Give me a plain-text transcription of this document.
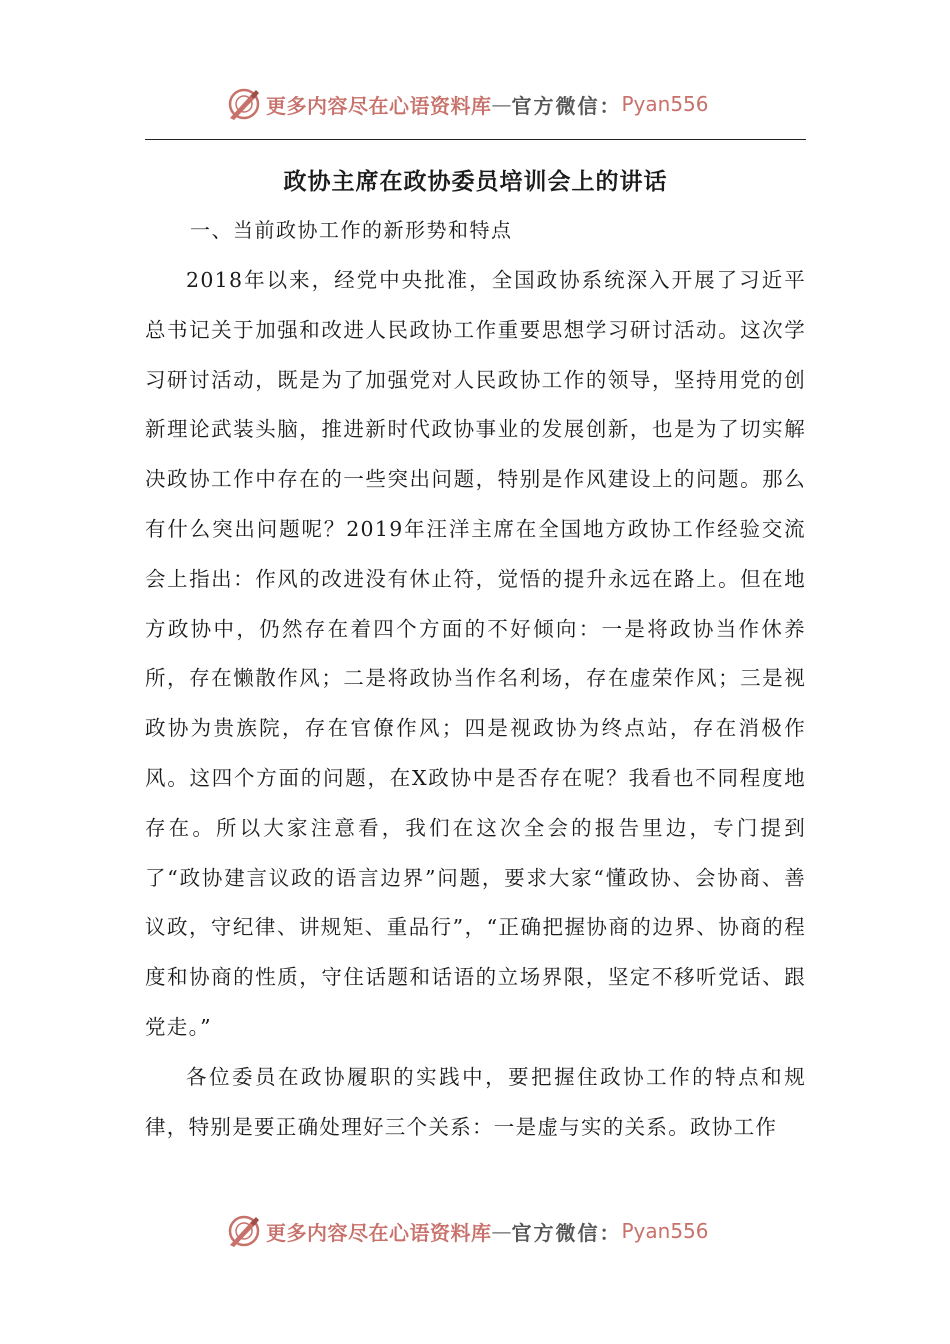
更多内容尽在心语资料库 — 官方微信： Pyan556
政协主席在政协委员培训会上的讲话
一、当前政协工作的新形势和特点

2018年以来，经党中央批准，全国政协系统深入开展了习近平总书记关于加强和改进人民政协工作重要思想学习研讨活动。这次学习研讨活动，既是为了加强党对人民政协工作的领导，坚持用党的创新理论武装头脑，推进新时代政协事业的发展创新，也是为了切实解决政协工作中存在的一些突出问题，特别是作风建设上的问题。那么有什么突出问题呢？2019年汪洋主席在全国地方政协工作经验交流会上指出：作风的改进没有休止符，觉悟的提升永远在路上。但在地方政协中，仍然存在着四个方面的不好倾向：一是将政协当作休养所，存在懒散作风；二是将政协当作名利场，存在虚荣作风；三是视政协为贵族院，存在官僚作风；四是视政协为终点站，存在消极作风。这四个方面的问题，在X政协中是否存在呢？我看也不同程度地存在。所以大家注意看，我们在这次全会的报告里边，专门提到了“政协建言议政的语言边界”问题，要求大家“懂政协、会协商、善议政，守纪律、讲规矩、重品行”，“正确把握协商的边界、协商的程度和协商的性质，守住话题和话语的立场界限，坚定不移听党话、跟党走。”

各位委员在政协履职的实践中，要把握住政协工作的特点和规律，特别是要正确处理好三个关系：一是虚与实的关系。政协工作

更多内容尽在心语资料库 — 官方微信： Pyan556
